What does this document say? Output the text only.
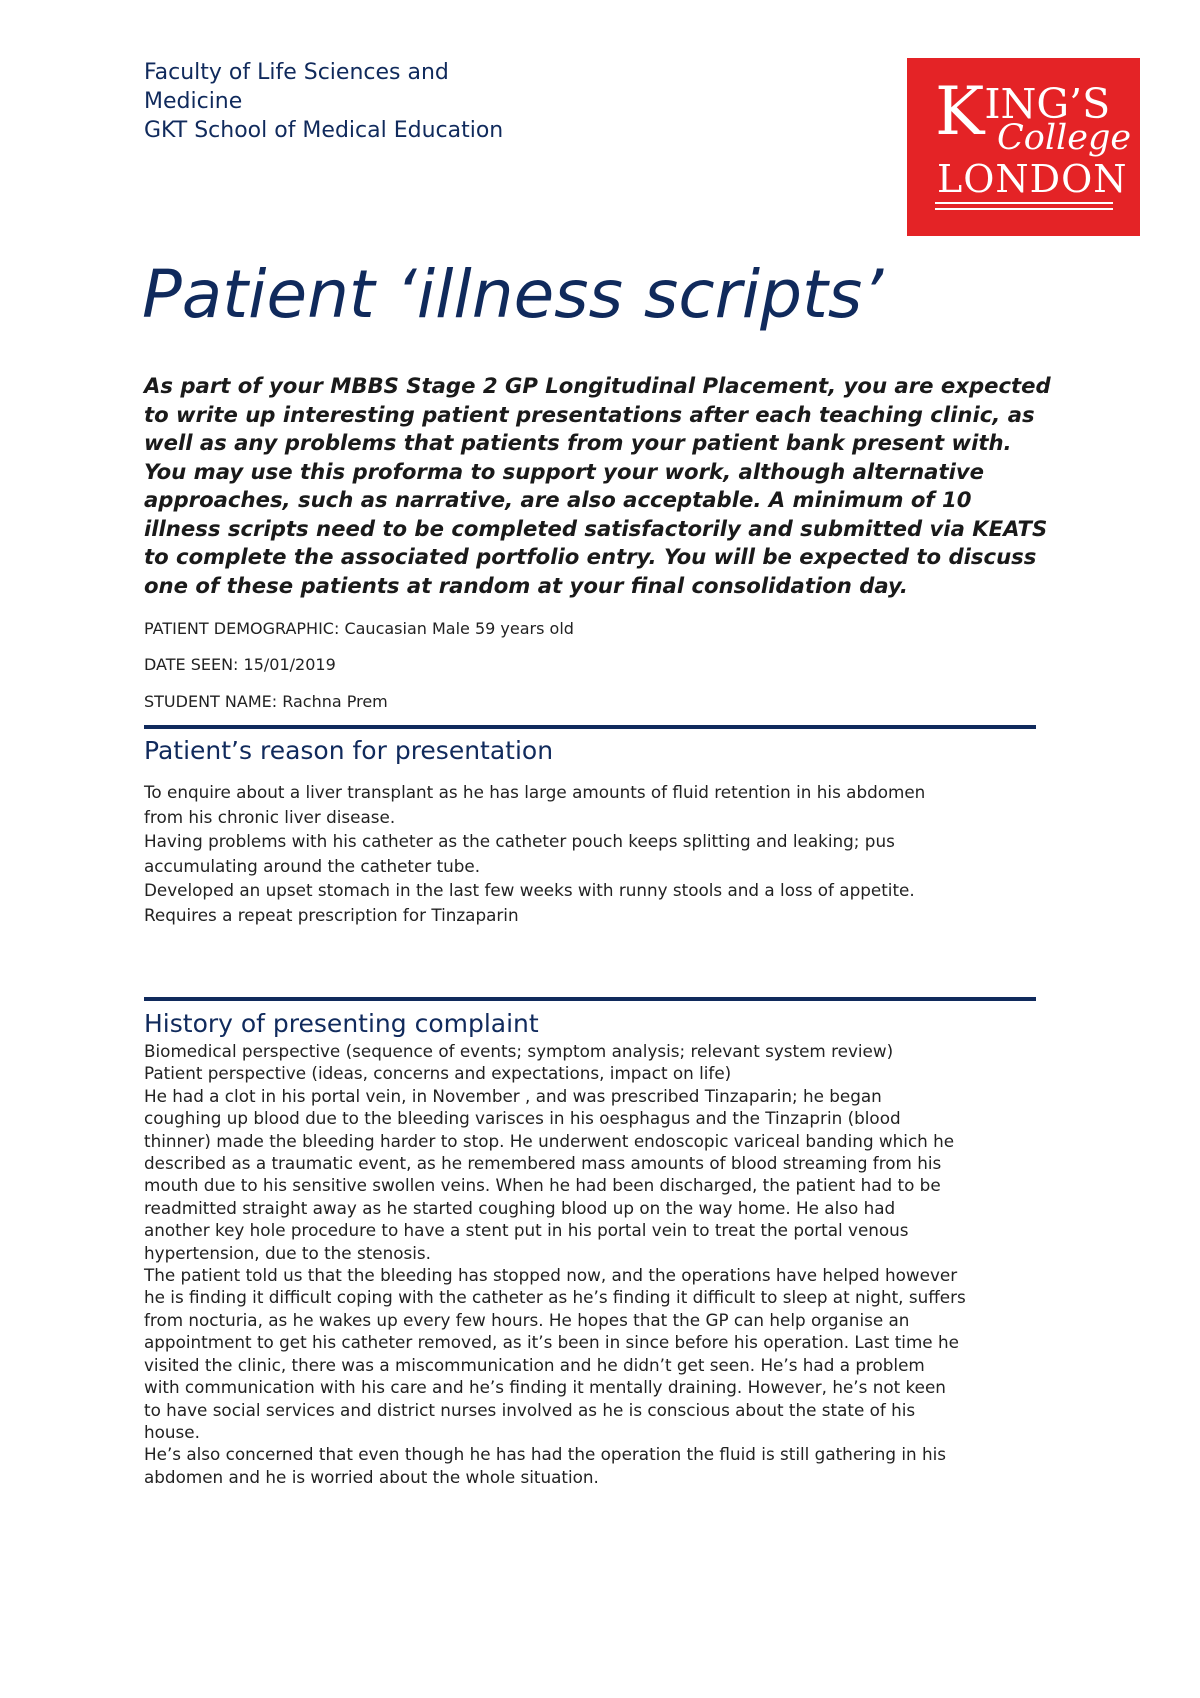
Faculty of Life Sciences and
Medicine
GKT School of Medical Education	KING’S
College
LONDON
Patient ‘illness scripts’
As part of your MBBS Stage 2 GP Longitudinal Placement, you are expected
to write up interesting patient presentations after each teaching clinic, as
well as any problems that patients from your patient bank present with.
You may use this proforma to support your work, although alternative
approaches, such as narrative, are also acceptable. A minimum of 10
illness scripts need to be completed satisfactorily and submitted via KEATS
to complete the associated portfolio entry. You will be expected to discuss
one of these patients at random at your final consolidation day.
PATIENT DEMOGRAPHIC: Caucasian Male 59 years old
DATE SEEN: 15/01/2019
STUDENT NAME: Rachna Prem
Patient’s reason for presentation
To enquire about a liver transplant as he has large amounts of fluid retention in his abdomen
from his chronic liver disease.
Having problems with his catheter as the catheter pouch keeps splitting and leaking; pus
accumulating around the catheter tube.
Developed an upset stomach in the last few weeks with runny stools and a loss of appetite.
Requires a repeat prescription for Tinzaparin
History of presenting complaint
Biomedical perspective (sequence of events; symptom analysis; relevant system review)
Patient perspective (ideas, concerns and expectations, impact on life)
He had a clot in his portal vein, in November , and was prescribed Tinzaparin; he began
coughing up blood due to the bleeding varisces in his oesphagus and the Tinzaprin (blood
thinner) made the bleeding harder to stop. He underwent endoscopic variceal banding which he
described as a traumatic event, as he remembered mass amounts of blood streaming from his
mouth due to his sensitive swollen veins. When he had been discharged, the patient had to be
readmitted straight away as he started coughing blood up on the way home. He also had
another key hole procedure to have a stent put in his portal vein to treat the portal venous
hypertension, due to the stenosis.
The patient told us that the bleeding has stopped now, and the operations have helped however
he is finding it difficult coping with the catheter as he’s finding it difficult to sleep at night, suffers
from nocturia, as he wakes up every few hours. He hopes that the GP can help organise an
appointment to get his catheter removed, as it’s been in since before his operation. Last time he
visited the clinic, there was a miscommunication and he didn’t get seen. He’s had a problem
with communication with his care and he’s finding it mentally draining. However, he’s not keen
to have social services and district nurses involved as he is conscious about the state of his
house.
He’s also concerned that even though he has had the operation the fluid is still gathering in his
abdomen and he is worried about the whole situation.
